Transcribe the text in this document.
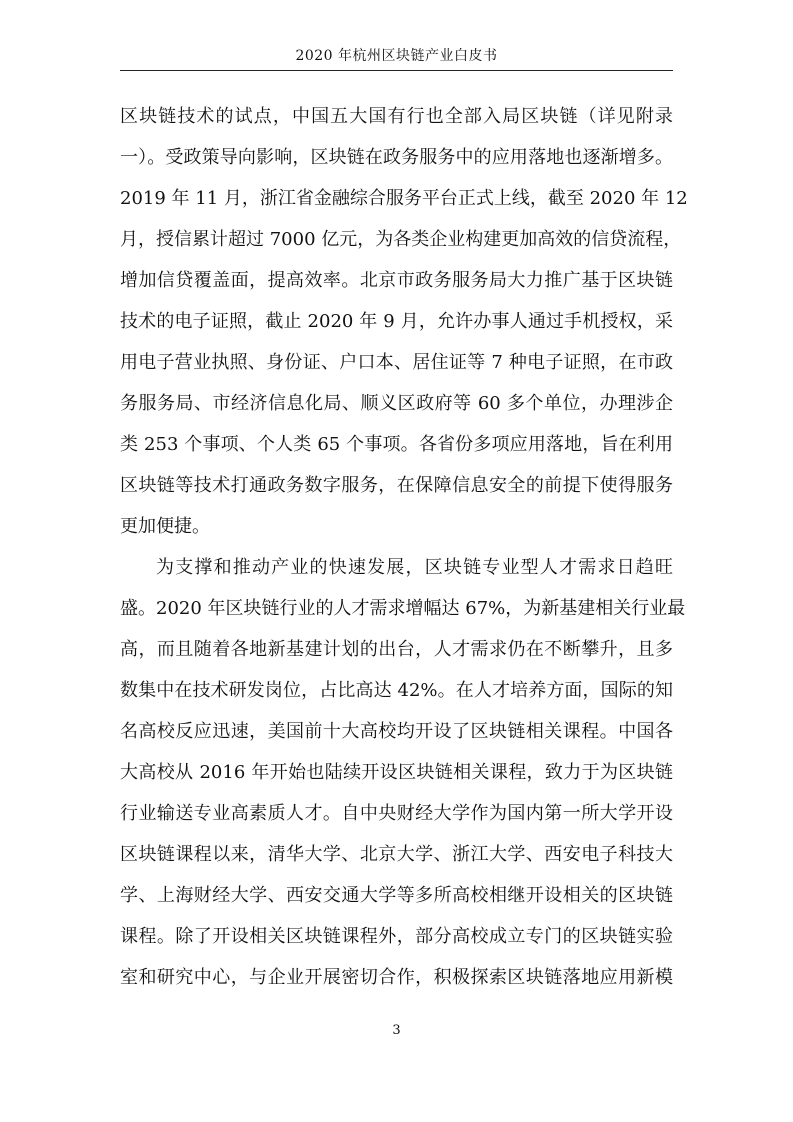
2020 年杭州区块链产业白皮书
区块链技术的试点，中国五大国有行也全部入局区块链（详见附录
一）。受政策导向影响，区块链在政务服务中的应用落地也逐渐增多。
2019 年 11 月，浙江省金融综合服务平台正式上线，截至 2020 年 12
月，授信累计超过 7000 亿元，为各类企业构建更加高效的信贷流程，
增加信贷覆盖面，提高效率。北京市政务服务局大力推广基于区块链
技术的电子证照，截止 2020 年 9 月，允许办事人通过手机授权，采
用电子营业执照、身份证、户口本、居住证等 7 种电子证照，在市政
务服务局、市经济信息化局、顺义区政府等 60 多个单位，办理涉企
类 253 个事项、个人类 65 个事项。各省份多项应用落地，旨在利用
区块链等技术打通政务数字服务，在保障信息安全的前提下使得服务
更加便捷。
为支撑和推动产业的快速发展，区块链专业型人才需求日趋旺
盛。2020 年区块链行业的人才需求增幅达 67%，为新基建相关行业最
高，而且随着各地新基建计划的出台，人才需求仍在不断攀升，且多
数集中在技术研发岗位，占比高达 42%。在人才培养方面，国际的知
名高校反应迅速，美国前十大高校均开设了区块链相关课程。中国各
大高校从 2016 年开始也陆续开设区块链相关课程，致力于为区块链
行业输送专业高素质人才。自中央财经大学作为国内第一所大学开设
区块链课程以来，清华大学、北京大学、浙江大学、西安电子科技大
学、上海财经大学、西安交通大学等多所高校相继开设相关的区块链
课程。除了开设相关区块链课程外，部分高校成立专门的区块链实验
室和研究中心，与企业开展密切合作，积极探索区块链落地应用新模
3
